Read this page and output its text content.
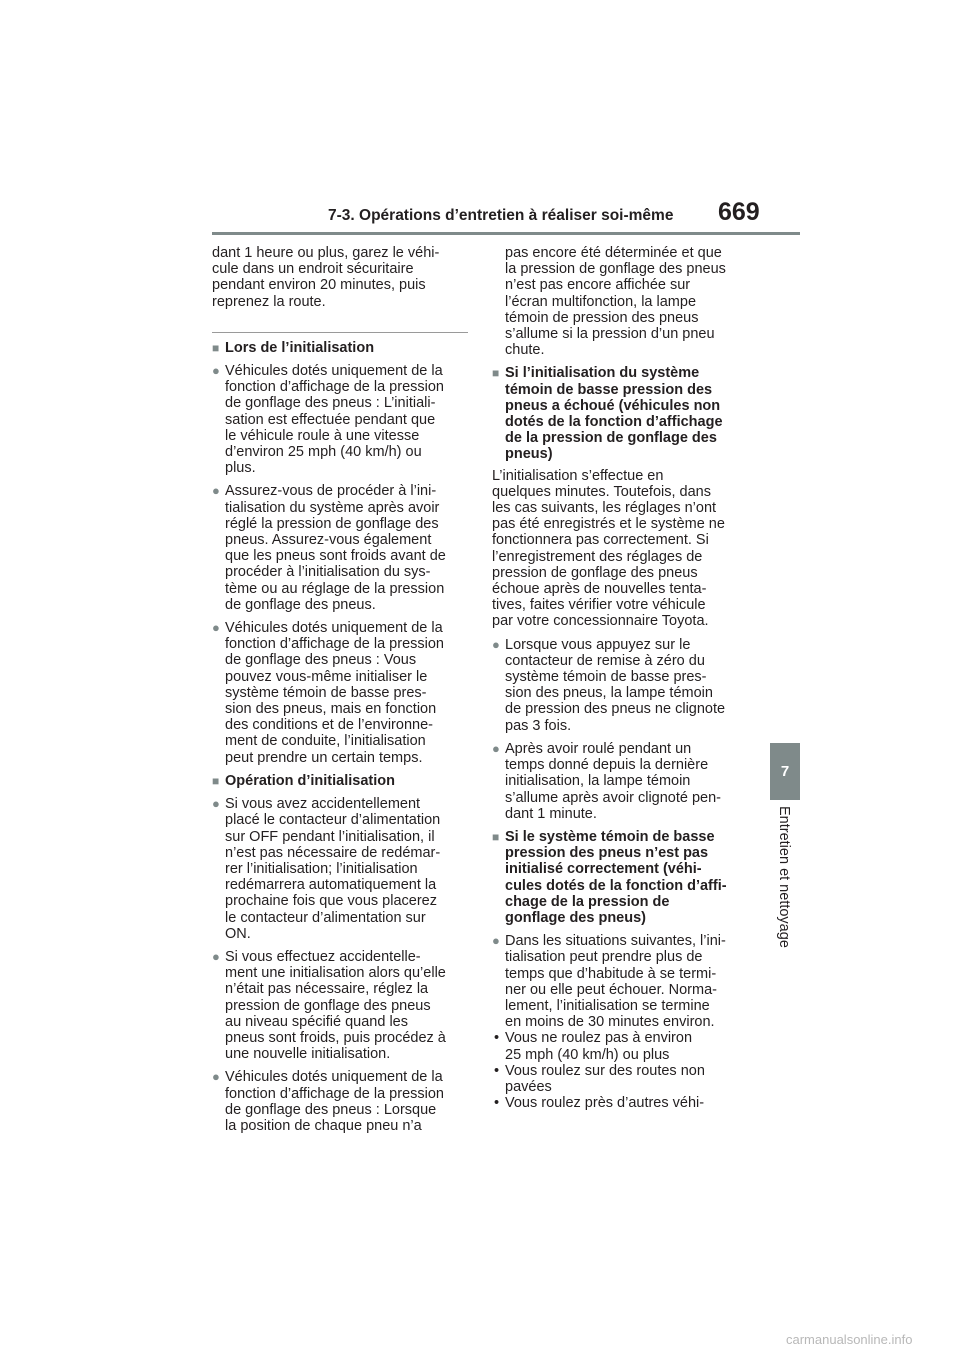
7-3. Opérations d’entretien à réaliser soi-même 669
7
Entretien et nettoyage

dant 1 heure ou plus, garez le véhi-
cule dans un endroit sécuritaire
pendant environ 20 minutes, puis
reprenez la route.

■ Lors de l’initialisation

● Véhicules dotés uniquement de la
fonction d’affichage de la pression
de gonflage des pneus : L’initiali-
sation est effectuée pendant que
le véhicule roule à une vitesse
d’environ 25 mph (40 km/h) ou
plus.

● Assurez-vous de procéder à l’ini-
tialisation du système après avoir
réglé la pression de gonflage des
pneus. Assurez-vous également
que les pneus sont froids avant de
procéder à l’initialisation du sys-
tème ou au réglage de la pression
de gonflage des pneus.

● Véhicules dotés uniquement de la
fonction d’affichage de la pression
de gonflage des pneus : Vous
pouvez vous-même initialiser le
système témoin de basse pres-
sion des pneus, mais en fonction
des conditions et de l’environne-
ment de conduite, l’initialisation
peut prendre un certain temps.

■ Opération d’initialisation

● Si vous avez accidentellement
placé le contacteur d’alimentation
sur OFF pendant l’initialisation, il
n’est pas nécessaire de redémar-
rer l’initialisation; l’initialisation
redémarrera automatiquement la
prochaine fois que vous placerez
le contacteur d’alimentation sur
ON.

● Si vous effectuez accidentelle-
ment une initialisation alors qu’elle
n’était pas nécessaire, réglez la
pression de gonflage des pneus
au niveau spécifié quand les
pneus sont froids, puis procédez à
une nouvelle initialisation.

● Véhicules dotés uniquement de la
fonction d’affichage de la pression
de gonflage des pneus : Lorsque
la position de chaque pneu n’a

pas encore été déterminée et que
la pression de gonflage des pneus
n’est pas encore affichée sur
l’écran multifonction, la lampe
témoin de pression des pneus
s’allume si la pression d’un pneu
chute.

■ Si l’initialisation du système
témoin de basse pression des
pneus a échoué (véhicules non
dotés de la fonction d’affichage
de la pression de gonflage des
pneus)

L’initialisation s’effectue en
quelques minutes. Toutefois, dans
les cas suivants, les réglages n’ont
pas été enregistrés et le système ne
fonctionnera pas correctement. Si
l’enregistrement des réglages de
pression de gonflage des pneus
échoue après de nouvelles tenta-
tives, faites vérifier votre véhicule
par votre concessionnaire Toyota.

● Lorsque vous appuyez sur le
contacteur de remise à zéro du
système témoin de basse pres-
sion des pneus, la lampe témoin
de pression des pneus ne clignote
pas 3 fois.

● Après avoir roulé pendant un
temps donné depuis la dernière
initialisation, la lampe témoin
s’allume après avoir clignoté pen-
dant 1 minute.

■ Si le système témoin de basse
pression des pneus n’est pas
initialisé correctement (véhi-
cules dotés de la fonction d’affi-
chage de la pression de
gonflage des pneus)

● Dans les situations suivantes, l’ini-
tialisation peut prendre plus de
temps que d’habitude à se termi-
ner ou elle peut échouer. Norma-
lement, l’initialisation se termine
en moins de 30 minutes environ.

• Vous ne roulez pas à environ
25 mph (40 km/h) ou plus

• Vous roulez sur des routes non
pavées

• Vous roulez près d’autres véhi-

carmanualsonline.info
